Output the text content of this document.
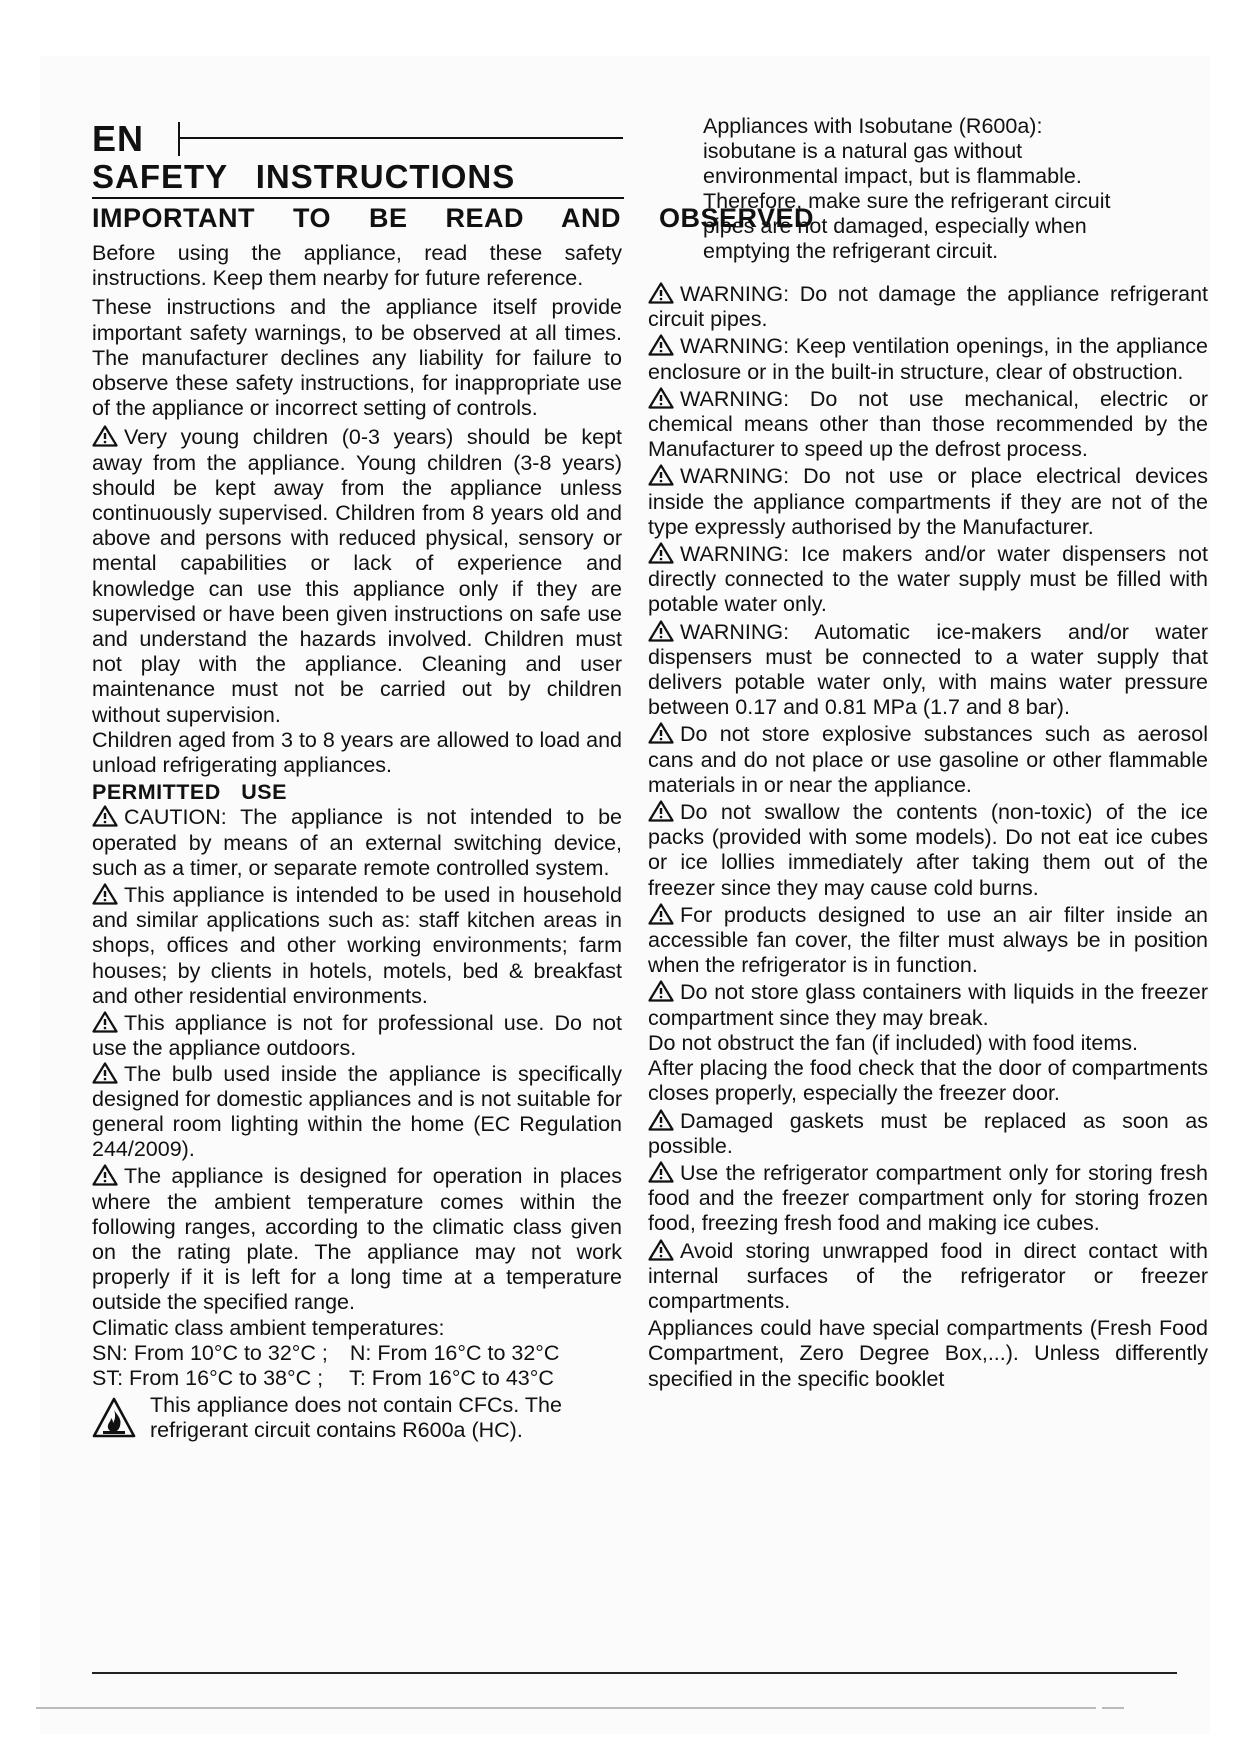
EN
SAFETY INSTRUCTIONS
IMPORTANT TO BE READ AND OBSERVED

Appliances with Isobutane (R600a):

isobutane is a natural gas without

environmental impact, but is flammable.

Therefore, make sure the refrigerant circuit

pipes are not damaged, especially when

emptying the refrigerant circuit.

Before using the appliance, read these safety instructions. Keep them nearby for future reference.

These instructions and the appliance itself provide important safety warnings, to be observed at all times. The manufacturer declines any liability for failure to observe these safety instructions, for inappropriate use of the appliance or incorrect setting of controls.

Very young children (0-3 years) should be kept away from the appliance. Young children (3-8 years) should be kept away from the appliance unless continuously supervised. Children from 8 years old and above and persons with reduced physical, sensory or mental capabilities or lack of experience and knowledge can use this appliance only if they are supervised or have been given instructions on safe use and understand the hazards involved. Children must not play with the appliance. Cleaning and user maintenance must not be carried out by children without supervision.

Children aged from 3 to 8 years are allowed to load and unload refrigerating appliances.

PERMITTED USE

CAUTION: The appliance is not intended to be operated by means of an external switching device, such as a timer, or separate remote controlled system.

This appliance is intended to be used in household and similar applications such as: staff kitchen areas in shops, offices and other working environments; farm houses; by clients in hotels, motels, bed & breakfast and other residential environments.

This appliance is not for professional use. Do not use the appliance outdoors.

The bulb used inside the appliance is specifically designed for domestic appliances and is not suitable for general room lighting within the home (EC Regulation 244/2009).

The appliance is designed for operation in places where the ambient temperature comes within the following ranges, according to the climatic class given on the rating plate. The appliance may not work properly if it is left for a long time at a temperature outside the specified range.

Climatic class ambient temperatures:

SN: From 10°C to 32°C ; N: From 16°C to 32°C

ST: From 16°C to 38°C ; T: From 16°C to 43°C

This appliance does not contain CFCs. The

refrigerant circuit contains R600a (HC).

WARNING: Do not damage the appliance refrigerant circuit pipes.

WARNING: Keep ventilation openings, in the appliance enclosure or in the built-in structure, clear of obstruction.

WARNING: Do not use mechanical, electric or chemical means other than those recommended by the Manufacturer to speed up the defrost process.

WARNING: Do not use or place electrical devices inside the appliance compartments if they are not of the type expressly authorised by the Manufacturer.

WARNING: Ice makers and/or water dispensers not directly connected to the water supply must be filled with potable water only.

WARNING: Automatic ice-makers and/or water dispensers must be connected to a water supply that delivers potable water only, with mains water pressure between 0.17 and 0.81 MPa (1.7 and 8 bar).

Do not store explosive substances such as aerosol cans and do not place or use gasoline or other flammable materials in or near the appliance.

Do not swallow the contents (non-toxic) of the ice packs (provided with some models). Do not eat ice cubes or ice lollies immediately after taking them out of the freezer since they may cause cold burns.

For products designed to use an air filter inside an accessible fan cover, the filter must always be in position when the refrigerator is in function.

Do not store glass containers with liquids in the freezer compartment since they may break.

Do not obstruct the fan (if included) with food items.

After placing the food check that the door of compartments closes properly, especially the freezer door.

Damaged gaskets must be replaced as soon as possible.

Use the refrigerator compartment only for storing fresh food and the freezer compartment only for storing frozen food, freezing fresh food and making ice cubes.

Avoid storing unwrapped food in direct contact with internal surfaces of the refrigerator or freezer compartments.

Appliances could have special compartments (Fresh Food Compartment, Zero Degree Box,...). Unless differently specified in the specific booklet
